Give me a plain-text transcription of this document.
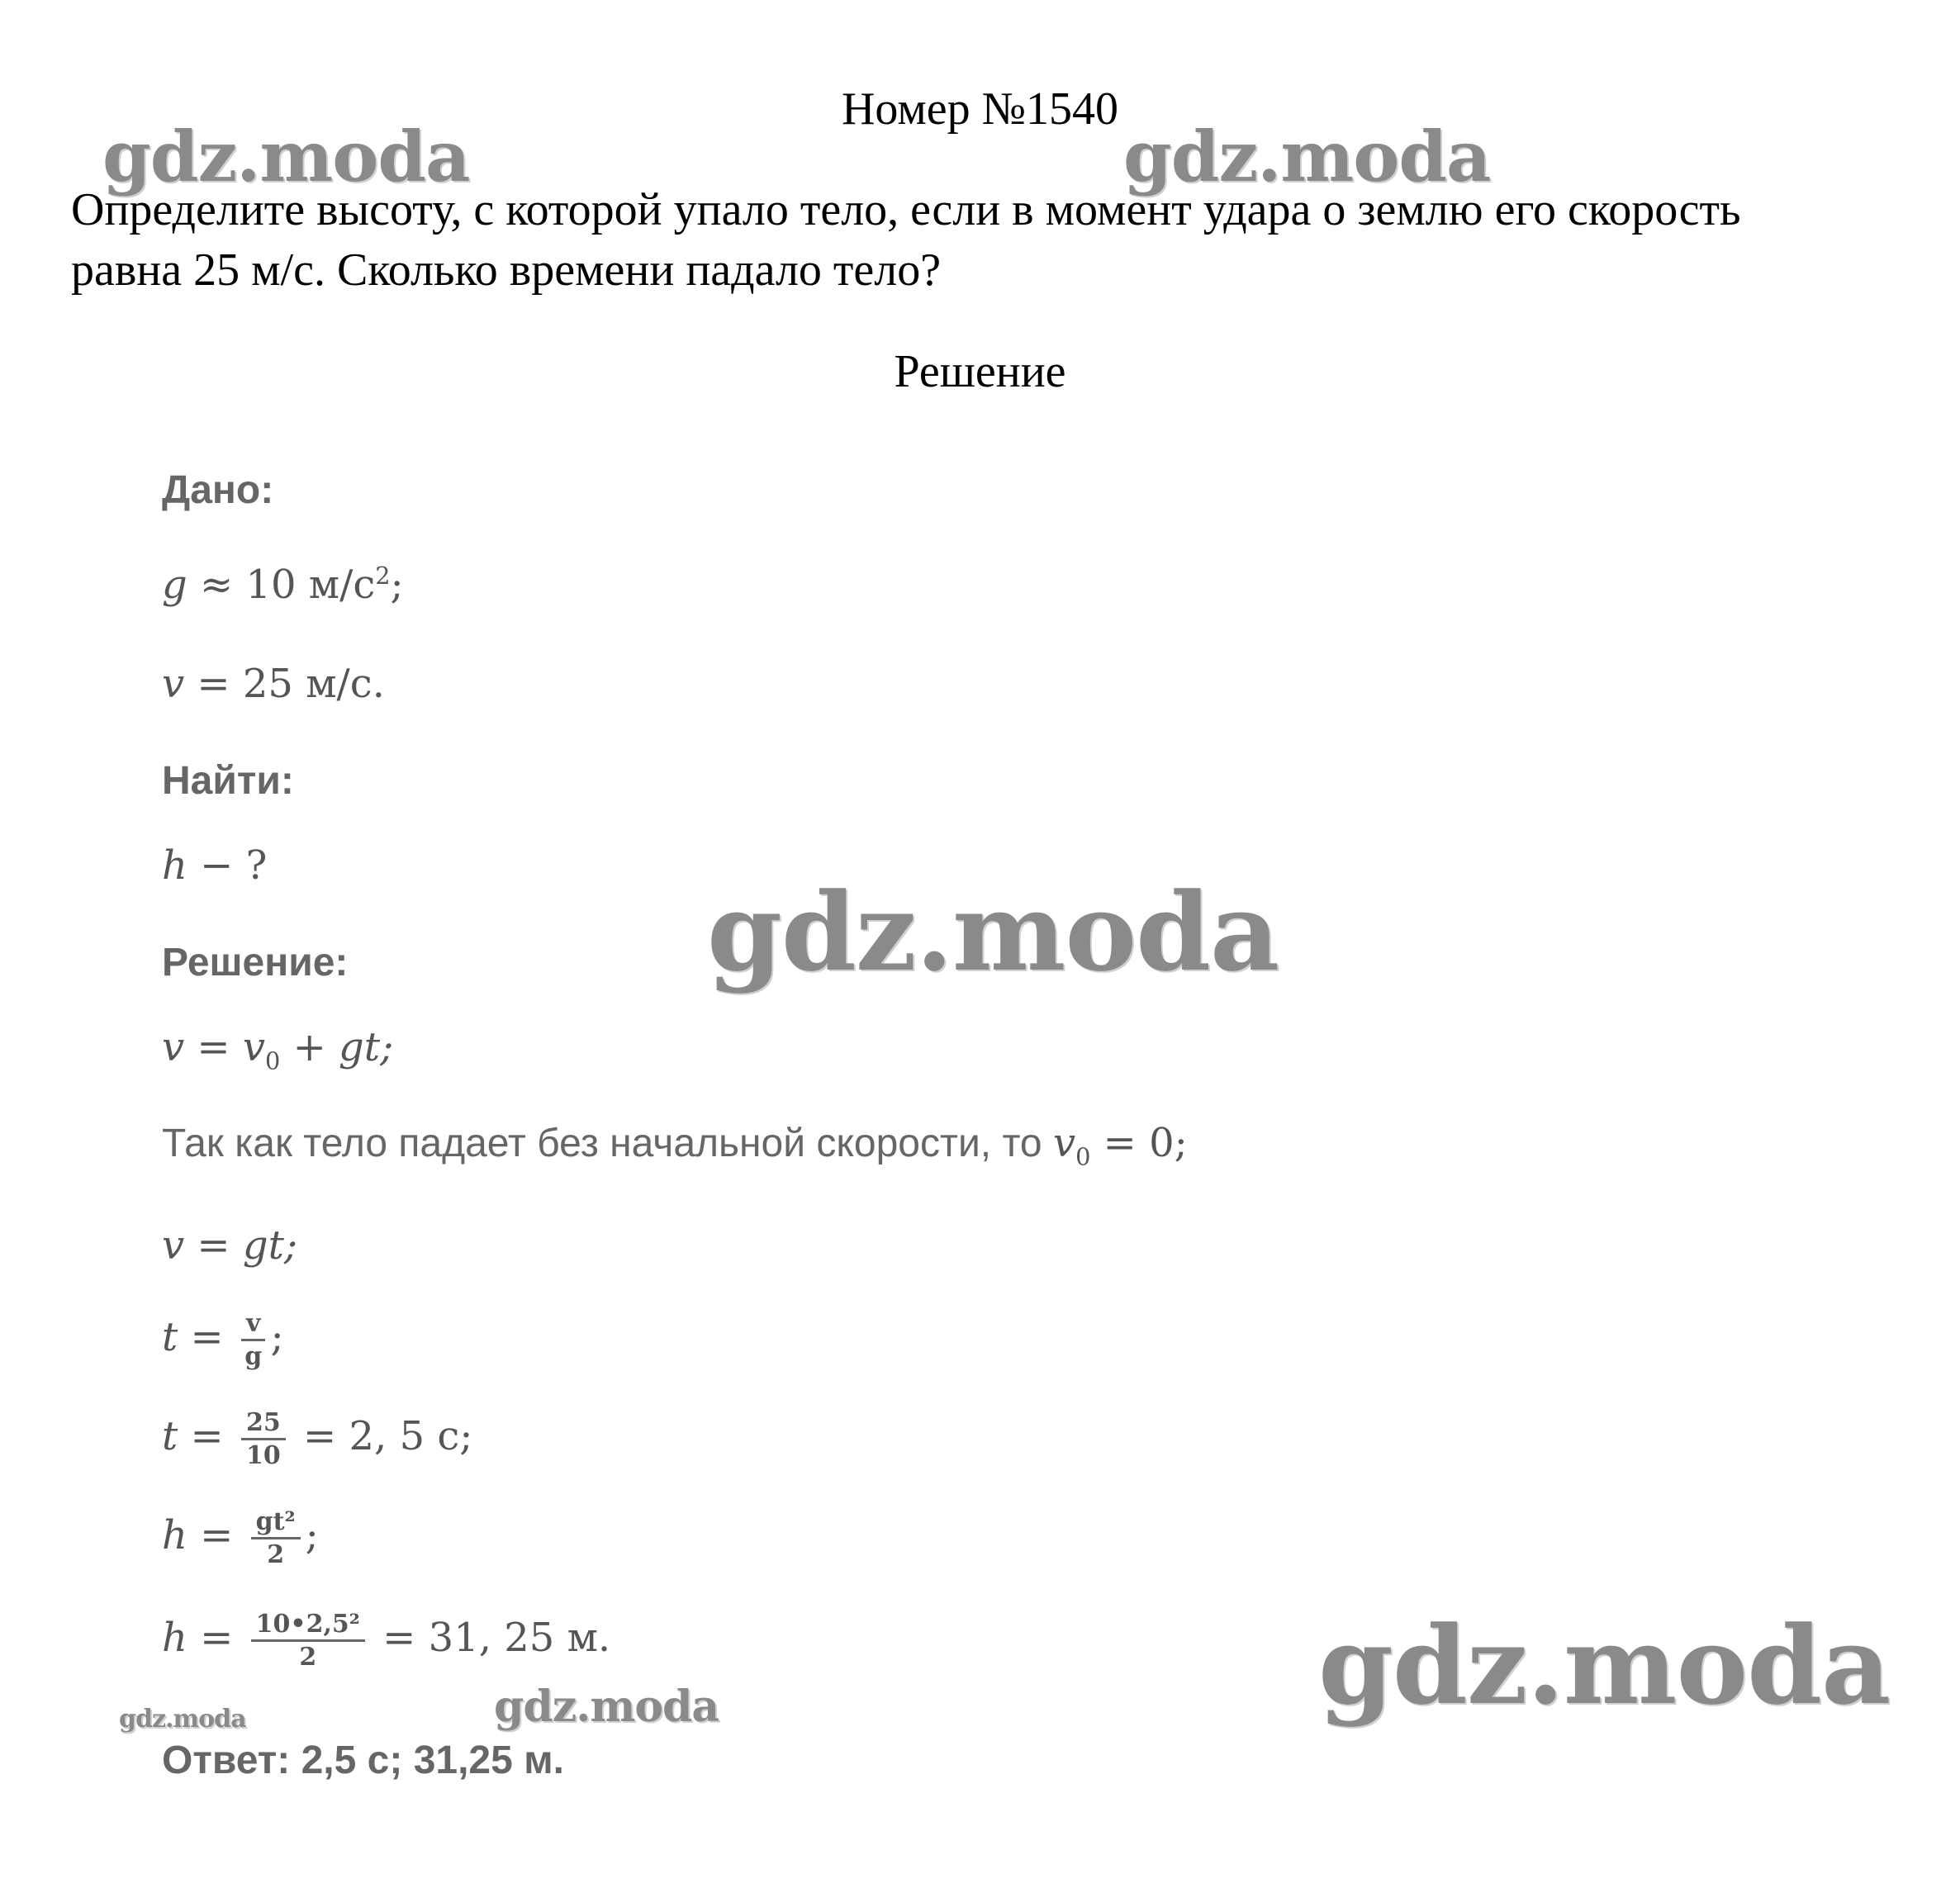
Номер №1540
Определите высоту, с которой упало тело, если в момент удара о землю его скорость
равна 25 м/с. Сколько времени падало тело?
Решение
Дано:
g ≈ 10 $м/с^2$;
v = 25 м/с.
Найти:
h − ?
Решение:
$v = v_0$ + gt;
Так как тело падает без начальной скорости, то $v_0 = 0$;
v = gt;
$t = \frac{v}{g}$ ;
$t = \frac{25}{10} = 2$, 5 с;
$h = \frac{\text{gt²}}{2}$ ;
$h = \frac{\text{10•2,5²}}{2} = 31$, 25 м.
Ответ: 2,5 с; 31,25 м.
gdz.moda	gdz.moda
gdz.moda
gdz.moda
gdz.moda
gdz.moda
